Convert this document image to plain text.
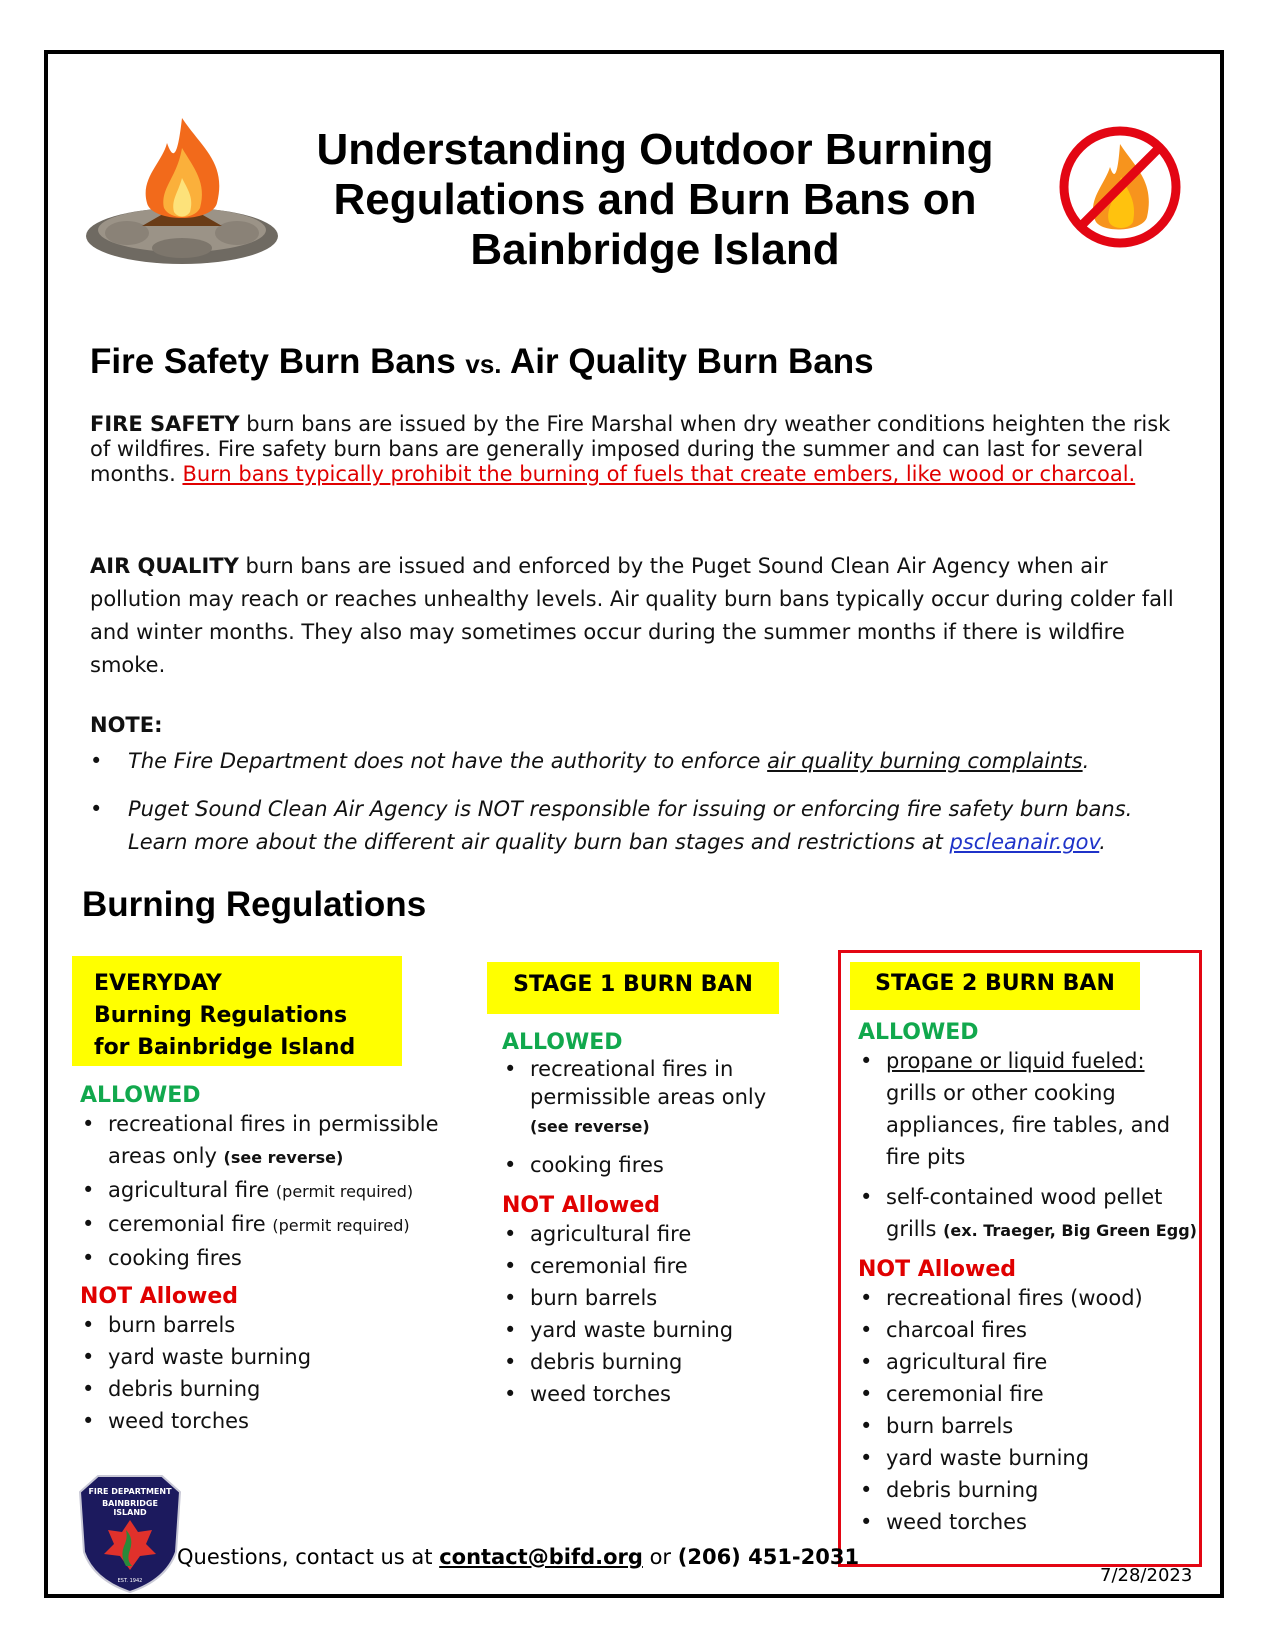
Understanding Outdoor Burning
Regulations and Burn Bans on
Bainbridge Island
Fire Safety Burn Bans vs. Air Quality Burn Bans
FIRE SAFETY burn bans are issued by the Fire Marshal when dry weather conditions heighten the risk of wildfires. Fire safety burn bans are generally imposed during the summer and can last for several months. Burn bans typically prohibit the burning of fuels that create embers, like wood or charcoal.
AIR QUALITY burn bans are issued and enforced by the Puget Sound Clean Air Agency when air pollution may reach or reaches unhealthy levels. Air quality burn bans typically occur during colder fall and winter months. They also may sometimes occur during the summer months if there is wildfire smoke.
NOTE:
• The Fire Department does not have the authority to enforce air quality burning complaints.
• Puget Sound Clean Air Agency is NOT responsible for issuing or enforcing fire safety burn bans. Learn more about the different air quality burn ban stages and restrictions at pscleanair.gov.
Burning Regulations
EVERYDAY
Burning Regulations
for Bainbridge Island
ALLOWED
• recreational fires in permissible areas only (see reverse)
• agricultural fire (permit required)
• ceremonial fire (permit required)
• cooking fires
NOT Allowed
• burn barrels
• yard waste burning
• debris burning
• weed torches
STAGE 1 BURN BAN
ALLOWED
• recreational fires in permissible areas only
(see reverse)
• cooking fires
NOT Allowed
• agricultural fire
• ceremonial fire
• burn barrels
• yard waste burning
• debris burning
• weed torches
STAGE 2 BURN BAN
ALLOWED
• propane or liquid fueled: grills or other cooking appliances, fire tables, and fire pits
• self-contained wood pellet grills (ex. Traeger, Big Green Egg)
NOT Allowed
• recreational fires (wood)
• charcoal fires
• agricultural fire
• ceremonial fire
• burn barrels
• yard waste burning
• debris burning
• weed torches
FIRE DEPARTMENT
BAINBRIDGE
ISLAND
EST. 1942
Questions, contact us at contact@bifd.org or (206) 451-2031
7/28/2023
